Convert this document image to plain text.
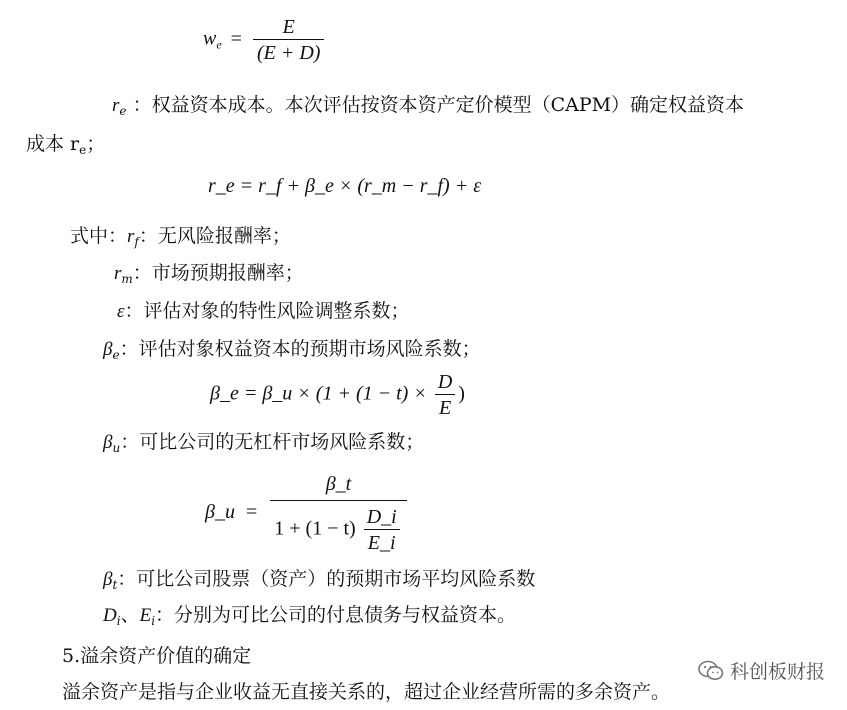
$w_e = \frac{E}{(E + D)}$
$r_e$ ：权益资本成本。本次评估按资本资产定价模型（CAPM）确定权益资本
成本 $r_e$；
r_e = r_f + β_e × (r_m − r_f) + ε
式中：$r_f$：无风险报酬率；
$r_m$：市场预期报酬率；
ε：评估对象的特性风险调整系数；
$\beta_e$：评估对象权益资本的预期市场风险系数；
β_e = β_u × ($1 + (1 - t) \times \frac{D}{E}$ )
$\beta_u$：可比公司的无杠杆市场风险系数；
β_u = $\frac{\beta\_t}{1 + (1 - t) \frac{D\_i}{E\_i}}$
$\beta_t$：可比公司股票（资产）的预期市场平均风险系数
$D_i$、$E_i$：分别为可比公司的付息债务与权益资本。
5.溢余资产价值的确定
溢余资产是指与企业收益无直接关系的，超过企业经营所需的多余资产。
科创板财报
